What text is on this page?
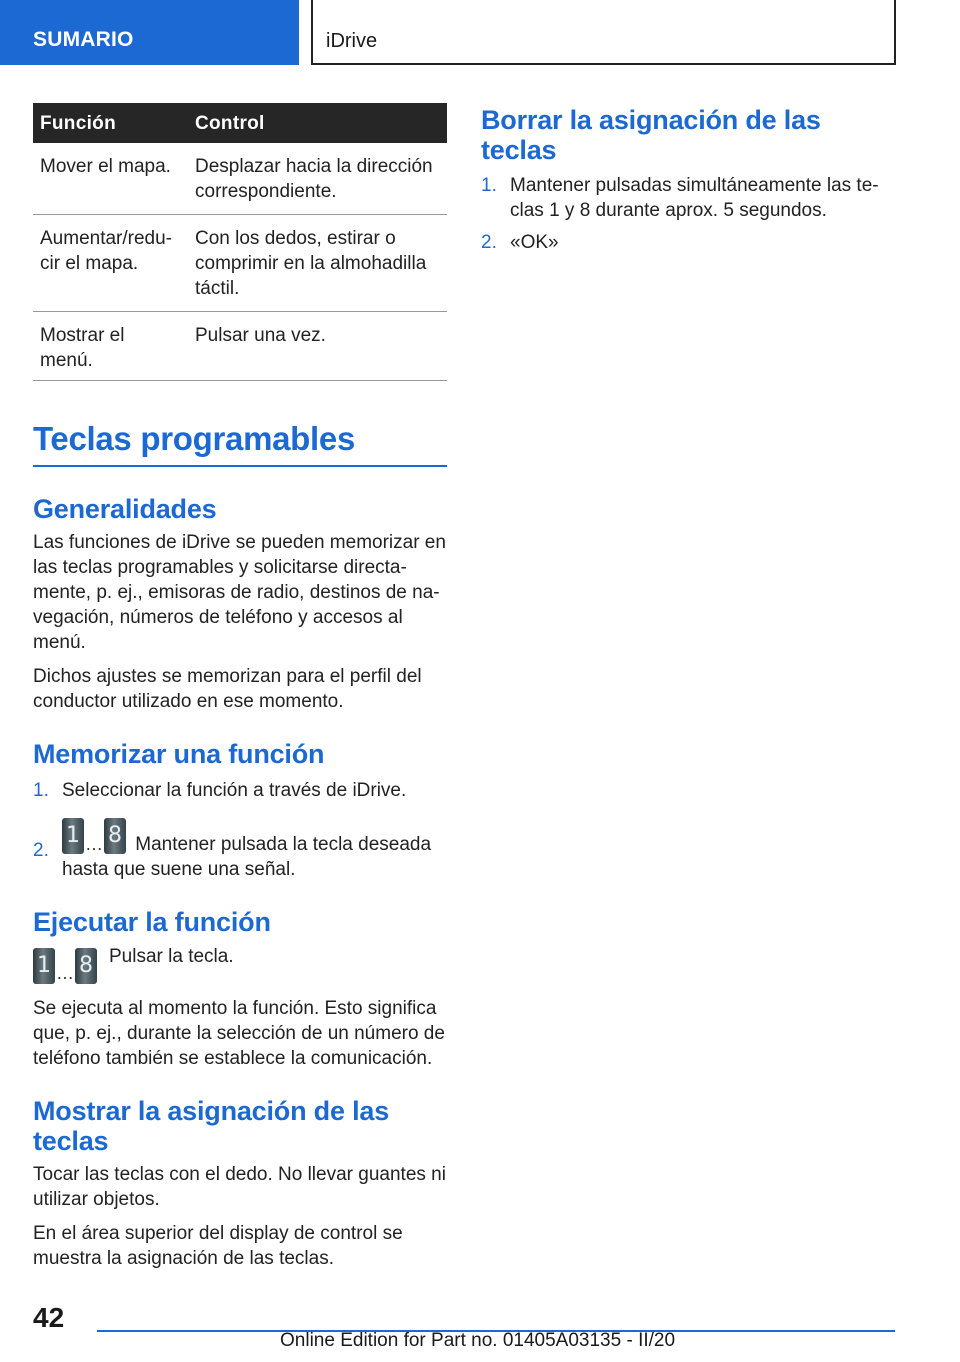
SUMARIO	iDrive
Función	Control
Mover el mapa.	Desplazar hacia la dirección correspondiente.
Aumentar/redu-cir el mapa.	Con los dedos, estirar o comprimir en la almohadilla táctil.
Mostrar el menú.	Pulsar una vez.
Teclas programables
Generalidades

Las funciones de iDrive se pueden memorizar en las teclas programables y solicitarse directa-mente, p. ej., emisoras de radio, destinos de na-vegación, números de teléfono y accesos al menú.

Dichos ajustes se memorizan para el perfil del conductor utilizado en ese momento.

Memorizar una función
1. Seleccionar la función a través de iDrive.
2.
1 … 8 Mantener pulsada la tecla deseada hasta que suene una señal.
Ejecutar la función
1 … 8 Pulsar la tecla.

Se ejecuta al momento la función. Esto significa que, p. ej., durante la selección de un número de teléfono también se establece la comunicación.

Mostrar la asignación de las teclas

Tocar las teclas con el dedo. No llevar guantes ni utilizar objetos.

En el área superior del display de control se muestra la asignación de las teclas.

Borrar la asignación de las teclas
1. Mantener pulsadas simultáneamente las te-clas 1 y 8 durante aprox. 5 segundos.
2. «OK»
42
Online Edition for Part no. 01405A03135 - II/20
